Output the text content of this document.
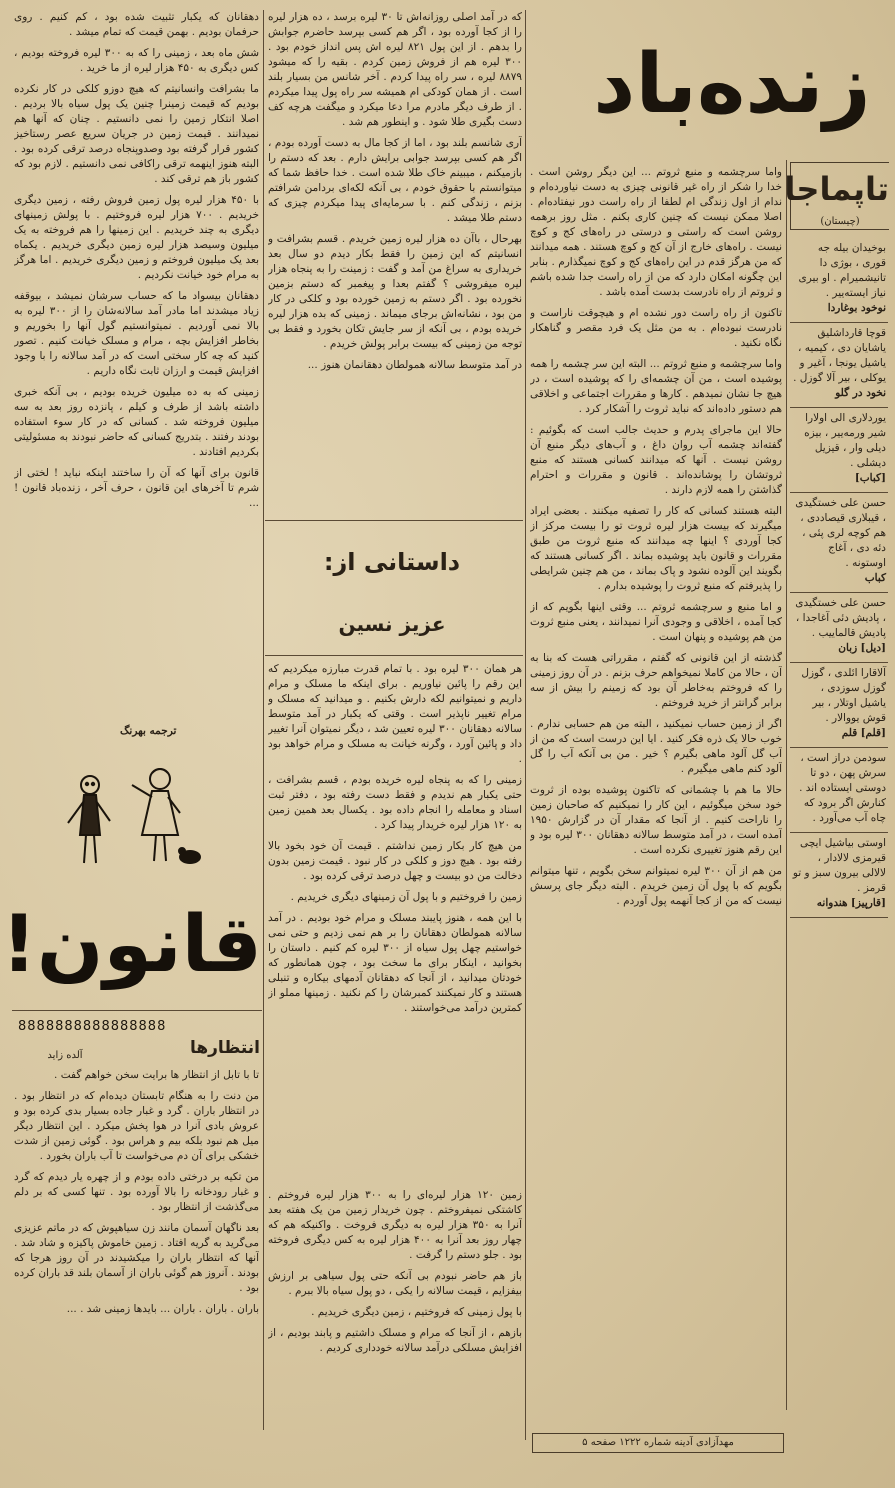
زنده‌باد

دهقانان که یکبار تثبیت شده بود ، کم کنیم . روی حرفمان بودیم . بهمن قیمت که تمام میشد .

شش ماه بعد ، زمینی را که به ۳۰۰ لیره فروخته بودیم ، کس دیگری به ۴۵۰ هزار لیره از ما خرید .

ما بشرافت وانسانیتم که هیچ دوزو کلکی در کار نکرده بودیم که قیمت زمینرا چنین یک پول سیاه بالا بردیم . اصلا انتکار زمین را نمی دانستیم . چنان که آنها هم نمیدانند . قیمت زمین در جریان سریع عصر رستاخیز کشور قرار گرفته بود وصدوپنجاه درصد ترقی کرده بود . البته هنوز اینهمه ترقی راکافی نمی دانستیم . لازم بود که کشور باز هم ترقی کند .

با ۴۵۰ هزار لیره پول زمین فروش رفته ، زمین دیگری خریدیم . ۷۰۰ هزار لیره فروختیم . با پولش زمینهای دیگری به چند خریدیم . این زمینها را هم فروخته به یک میلیون وسیصد هزار لیره زمین دیگری خریدیم . یکماه بعد یک میلیون فروختم و زمین دیگری خریدیم . اما هرگز به مرام خود خیانت نکردیم .

دهقانان بیسواد ما که حساب سرشان نمیشد ، بیوقفه زیاد میشدند اما مادر آمد سالانه‌شان را از ۳۰۰ لیره به بالا نمی آوردیم . نمیتوانستیم گول آنها را بخوریم و بخاطر افزایش بچه ، مرام و مسلک خیانت کنیم . تصور کنید که چه کار سختی است که در آمد سالانه را با وجود افزایش قیمت و ارزان ثابت نگاه داریم .

زمینی که به ده میلیون خریده بودیم ، بی آنکه خبری داشته باشد از طرف و کیلم ، پانزده روز بعد به سه میلیون فروخته شد . کسانی که در کار سوء استفاده بودند رفتند . بتدریج کسانی که حاضر نبودند به مسئولیتی بکردیم افتادند .

قانون برای آنها که آن را ساختند اینکه نباید ! لختی از شرم تا آخرهای این قانون ، حرف آخر ، زنده‌باد قانون ! ...

ترجمه بهرنگ
قانون!
8888888888888888
انتظارها
آلده زاید

تا با تابل از انتظار ها برایت سخن خواهم گفت .

من دنت را به هنگام تابستان دیده‌ام که در انتظار بود . در انتظار باران . گرد و غبار جاده بسیار بدی کرده بود و عروش بادی آنرا در هوا پخش میکرد . این انتظار دیگر میل هم نبود بلکه بیم و هراس بود . گوئی زمین از شدت خشکی برای آن دم می‌خواست تا آب باران بخورد .

من تکیه بر درختی داده بودم و از چهره یار دیدم که گرد و غبار رودخانه را بالا آورده بود . تنها کسی که بر دلم می‌گذشت از انتظار بود .

بعد ناگهان آسمان مانند زن سیاهپوش که در ماتم عزیزی می‌گرید به گریه افتاد . زمین خاموش پاکیزه و شاد شد . آنها که انتظار باران را میکشیدند در آن روز هرجا که بودند . آنروز هم گوئی باران از آسمان بلند قد باران کرده بود .

باران . باران . باران ... بایدها زمینی شد . ...

که در آمد اصلی روزانه‌اش تا ۳۰ لیره برسد ، ده هزار لیره را از کجا آورده بود ، اگر هم کسی بپرسد حاضرم جوابش را بدهم . از این پول ۸۲۱ لیره اش پس انداز خودم بود . ۳۰۰ لیره هم از فروش زمین کردم . بقیه را که میشود ۸۸۷۹ لیره ، سر راه پیدا کردم . آخر شانس من بسیار بلند است . از همان کودکی ام همیشه سر راه پول پیدا میکردم . از طرف دیگر مادرم مرا دعا میکرد و میگفت هرچه کف دست بگیری طلا شود . و اینطور هم شد .

آری شانسم بلند بود ، اما از کجا مال به دست آورده بودم ، اگر هم کسی بپرسد جوابی برایش دارم . بعد که دستم را بازمیکنم ، میبینم خاک طلا شده است . خدا حافظ شما که میتوانستم با حقوق خودم ، بی آنکه لکه‌ای بردامن شرافتم بزنم ، زندگی کنم . با سرمایه‌ای پیدا میکردم چیزی که دستم طلا میشد .

بهرحال ، باآن ده هزار لیره زمین خریدم . قسم بشرافت و انسانیتم که این زمین را فقط بکار دیدم دو سال بعد خریداری به سراغ من آمد و گفت : زمینت را به پنجاه هزار لیره میفروشی ؟ گفتم بعدا و پیغمبر که دستم بزمین نخورده بود . اگر دستم به زمین خورده بود و کلکی در کار من بود ، نشانه‌اش برجای میماند . زمینی که بده هزار لیره خریده بودم ، بی آنکه از سر جایش تکان بخورد و فقط بی توجه من زمینی که بیست برابر پولش خریدم .

در آمد متوسط سالانه همولطان دهقانمان هنوز ...

داستانی از:
عزیز نسین

هر همان ۳۰۰ لیره بود . با تمام قدرت مبارزه میکردیم که این رقم را پائین نیاوریم . برای اینکه ما مسلک و مرام داریم و نمیتوانیم لکه دارش بکنیم . و میدانید که مسلک و مرام تغییر ناپذیر است . وقتی که یکبار در آمد متوسط سالانه دهقانان ۳۰۰ لیره تعیین شد ، دیگر نمیتوان آنرا تغییر داد و پائین آورد ، وگرنه خیانت به مسلک و مرام خواهد بود .

زمینی را که به پنجاه لیره خریده بودم ، قسم بشرافت ، حتی یکبار هم ندیدم و فقط دست رفته بود ، دفتر ثبت اسناد و معامله را انجام داده بود . یکسال بعد همین زمین به ۱۲۰ هزار لیره خریدار پیدا کرد .

من هیچ کار بکار زمین نداشتم . قیمت آن خود بخود بالا رفته بود . هیچ دوز و کلکی در کار نبود . قیمت زمین بدون دخالت من دو بیست و چهل درصد ترقی کرده بود .

زمین را فروختیم و با پول آن زمینهای دیگری خریدیم .

با این همه ، هنوز پایبند مسلک و مرام خود بودیم . در آمد سالانه همولطان دهقانان را بر هم نمی زدیم و حتی نمی خواستیم چهل پول سیاه از ۳۰۰ لیره کم کنیم . داستان را بخوانید ، اینکار برای ما سخت بود ، چون همانطور که خودتان میدانید ، از آنجا که دهقانان آدمهای بیکاره و تنبلی هستند و کار نمیکنند کمبرشان را کم نکنید . زمینها مملو از کمترین درآمد می‌خواستند .

زمین ۱۲۰ هزار لیره‌ای را به ۳۰۰ هزار لیره فروختم . کاشتکی نمیفروختم . چون خریدار زمین من یک هفته بعد آنرا به ۳۵۰ هزار لیره به دیگری فروخت . واکنیکه هم که چهار روز بعد آنرا به ۴۰۰ هزار لیره به کس دیگری فروخته بود . جلو دستم را گرفت .

باز هم حاضر نبودم بی آنکه حتی پول سیاهی بر ارزش بیفزایم ، قیمت سالانه را یکی ، دو پول سیاه بالا ببرم .

با پول زمینی که فروختیم ، زمین دیگری خریدیم .

بازهم ، از آنجا که مرام و مسلک داشتیم و پابند بودیم ، از افزایش مسلکی درآمد سالانه خودداری کردیم .

واما سرچشمه و منبع ثروتم ... این دیگر روشن است . خدا را شکر از راه غیر قانونی چیزی به دست نیاورده‌ام و ندام از اول زندگی ام لطفا از راه راست دور نیفتاده‌ام . اصلا ممکن نیست که چنین کاری بکنم . مثل روز برهمه روشن است که راستی و درستی در راه‌های کج و کوچ نیست . راه‌های خارج از آن کج و کوچ هستند . همه میدانند که من هرگز قدم در این راه‌های کج و کوچ نمیگذارم . بنابر این چگونه امکان دارد که من از راه راست جدا شده باشم و ثروتم از راه نادرست بدست آمده باشد .

تاکنون از راه راست دور نشده ام و هیچوقت ناراست و نادرست نبوده‌ام . به من مثل یک فرد مقصر و گناهکار نگاه نکنید .

واما سرچشمه و منبع ثروتم ... البته این سر چشمه را همه پوشیده است ، من آن چشمه‌ای را که پوشیده است ، در هیچ جا نشان نمیدهم . کارها و مقررات اجتماعی و اخلاقی هم دستور داده‌اند که نباید ثروت را آشکار کرد .

حالا این ماجرای پدرم و حدیث جالب است که بگوئیم : گفته‌اند چشمه آب روان داغ ، و آب‌های دیگر منبع آن روشن نیست . آنها که میدانند کسانی هستند که منبع ثروتشان را پوشانده‌اند . قانون و مقررات و احترام گذاشتن را همه لازم دارند .

البته هستند کسانی که کار را تصفیه میکنند . بعضی ایراد میگیرند که بیست هزار لیره ثروت تو را بیست مرکز از کجا آوردی ؟ اینها چه میدانند که منبع ثروت من طبق مقررات و قانون باید پوشیده بماند . اگر کسانی هستند که بگویند این آلوده نشود و پاک بماند ، من هم چنین شرایطی را پذیرفتم که منبع ثروت را پوشیده بدارم .

و اما منبع و سرچشمه ثروتم ... وقتی اینها بگویم که از کجا آمده ، اخلاقی و وجودی آنرا نمیدانند ، یعنی منبع ثروت من هم پوشیده و پنهان است .

گذشته از این قانونی که گفتم ، مقرراتی هست که بنا به آن ، حالا من کاملا نمیخواهم حرف بزنم . در آن روز زمینی را که فروختم به‌خاطر آن بود که زمینم را بیش از سه برابر گرانتر از خرید فروختم .

اگر از زمین حساب نمیکنید ، البته من هم حسابی ندارم . خوب حالا یک ذره فکر کنید . ایا این درست است که من از آب گل آلود ماهی بگیرم ؟ خیر . من بی آنکه آب را گل آلود کنم ماهی میگیرم .

حالا ما هم با چشمانی که تاکنون پوشیده بوده از ثروت خود سخن میگوئیم ، این کار را نمیکنیم که صاحبان زمین را ناراحت کنیم . از آنجا که مقدار آن در گزارش ۱۹۵۰ آمده است ، در آمد متوسط سالانه دهقانان ۳۰۰ لیره بود و این رقم هنوز تغییری نکرده است .

من هم از آن ۳۰۰ لیره نمیتوانم سخن بگویم ، تنها میتوانم بگویم که با پول آن زمین خریدم . البته دیگر جای پرسش نیست که من از کجا آنهمه پول آوردم .

تاپماجا
(چیستان)
بوخیدان بیله جه قوری ، بوژی دا تانیشمیرام . او بیری نیاز ایسته‌ییر .
نوخود بوغاردا
قوچا قارداشلیق یاشایان دی ، کیمیه ، یاشیل یونجا ، آغیر و یوکلی ، بیر آلا گوزل .
نخود در گلو
یوردلاری الی اولارا شیر ورمه‌ییر ، بیزه دیلی وار ، قیزیل دیشلی .
[کباب]
حسن علی خستگیدی ، قیبلاری قیصاددی ، هم کوچه لری پئی ، دئه دی ، آغاج اوستونه .
کباب
حسن علی خستگیدی ، پادیش دئی آغاجدا ، پادیش قالماییب .
[دیل] زبان
آلا‌قارا ائلدی ، گوزل گوزل سوزدی ، یاشیل اوتلار ، بیر قوش یووالار .
[قلم] قلم
سودمن دراز است ، سرش پهن ، دو تا دوستی ایستاده اند . کنارش اگر برود که چاه آب می‌آورد .
اوستی بیاشیل ایچی قیرمزی لالادار ، لالالی بیرون سبز و تو قرمز .
[قارپیز] هندوانه
مهدآزادی آدینه شماره ۱۲۲۲ صفحه ۵
